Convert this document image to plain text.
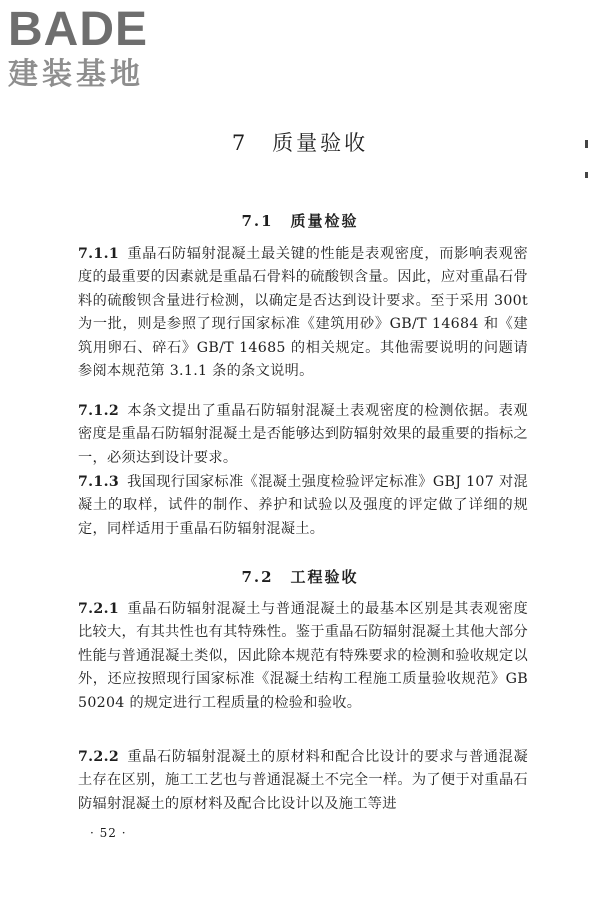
BADE
建装基地
7　质量验收
7.1　质量检验
7.1.1 重晶石防辐射混凝土最关键的性能是表观密度，而影响表观密度的最重要的因素就是重晶石骨料的硫酸钡含量。因此，应对重晶石骨料的硫酸钡含量进行检测，以确定是否达到设计要求。至于采用 300t 为一批，则是参照了现行国家标准《建筑用砂》GB/T 14684 和《建筑用卵石、碎石》GB/T 14685 的相关规定。其他需要说明的问题请参阅本规范第 3.1.1 条的条文说明。
7.1.2 本条文提出了重晶石防辐射混凝土表观密度的检测依据。表观密度是重晶石防辐射混凝土是否能够达到防辐射效果的最重要的指标之一，必须达到设计要求。
7.1.3 我国现行国家标准《混凝土强度检验评定标准》GBJ 107 对混凝土的取样，试件的制作、养护和试验以及强度的评定做了详细的规定，同样适用于重晶石防辐射混凝土。
7.2　工程验收
7.2.1 重晶石防辐射混凝土与普通混凝土的最基本区别是其表观密度比较大，有其共性也有其特殊性。鉴于重晶石防辐射混凝土其他大部分性能与普通混凝土类似，因此除本规范有特殊要求的检测和验收规定以外，还应按照现行国家标准《混凝土结构工程施工质量验收规范》GB 50204 的规定进行工程质量的检验和验收。
7.2.2 重晶石防辐射混凝土的原材料和配合比设计的要求与普通混凝土存在区别，施工工艺也与普通混凝土不完全一样。为了便于对重晶石防辐射混凝土的原材料及配合比设计以及施工等进
· 52 ·
